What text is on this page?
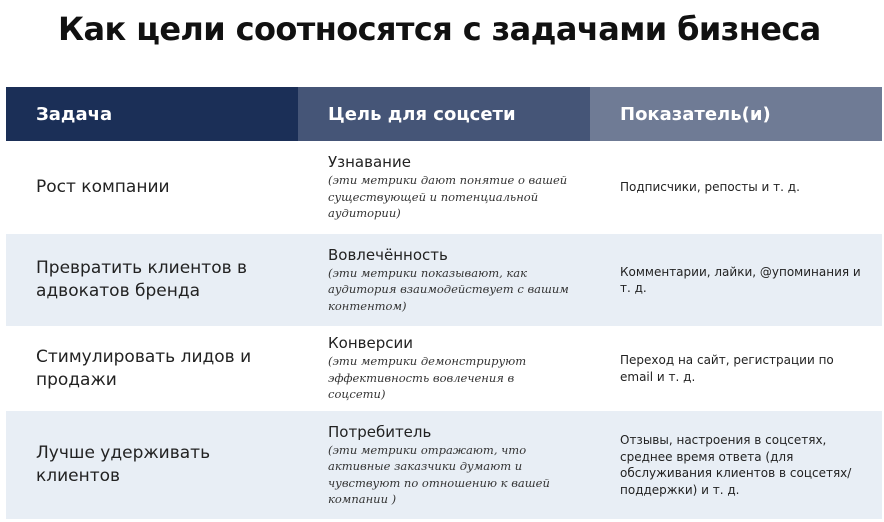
Как цели соотносятся с задачами бизнеса
Задача	Цель для соцсети	Показатель(и)
Рост компании
Узнавание
(эти метрики дают понятие о вашей существующей и потенциальной аудитории)
Подписчики, репосты и т. д.
Превратить клиентов в адвокатов бренда
Вовлечённость
(эти метрики показывают, как аудитория взаимодействует с вашим контентом)
Комментарии, лайки, @упоминания и т. д.
Стимулировать лидов и продажи
Конверсии
(эти метрики демонстрируют эффективность вовлечения в соцсети)
Переход на сайт, регистрации по email и т. д.
Лучше удерживать клиентов
Потребитель
(эти метрики отражают, что активные заказчики думают и чувствуют по отношению к вашей компании )
Отзывы, настроения в соцсетях, среднее время ответа (для обслуживания клиентов в соцсетях/поддержки) и т. д.
